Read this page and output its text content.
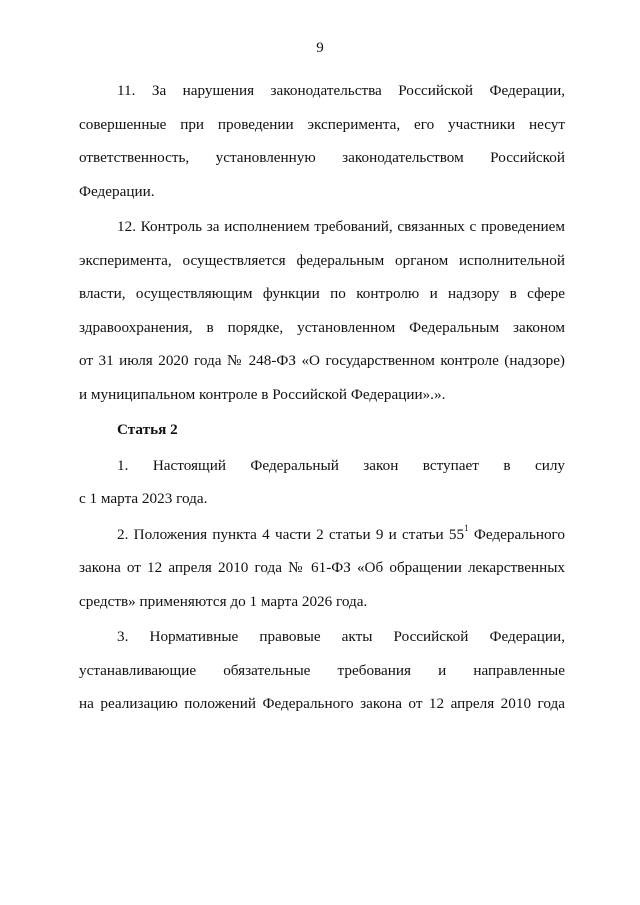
9
11. За нарушения законодательства Российской Федерации,
совершенные при проведении эксперимента, его участники несут
ответственность, установленную законодательством Российской
Федерации.
12. Контроль за исполнением требований, связанных с проведением
эксперимента, осуществляется федеральным органом исполнительной
власти, осуществляющим функции по контролю и надзору в сфере
здравоохранения, в порядке, установленном Федеральным законом
от 31 июля 2020 года № 248-ФЗ «О государственном контроле (надзоре)
и муниципальном контроле в Российской Федерации».».
Статья 2
1. Настоящий Федеральный закон вступает в силу
с 1 марта 2023 года.
2. Положения пункта 4 части 2 статьи 9 и статьи $55^1$ Федерального
закона от 12 апреля 2010 года № 61-ФЗ «Об обращении лекарственных
средств» применяются до 1 марта 2026 года.
3. Нормативные правовые акты Российской Федерации,
устанавливающие обязательные требования и направленные
на реализацию положений Федерального закона от 12 апреля 2010 года
